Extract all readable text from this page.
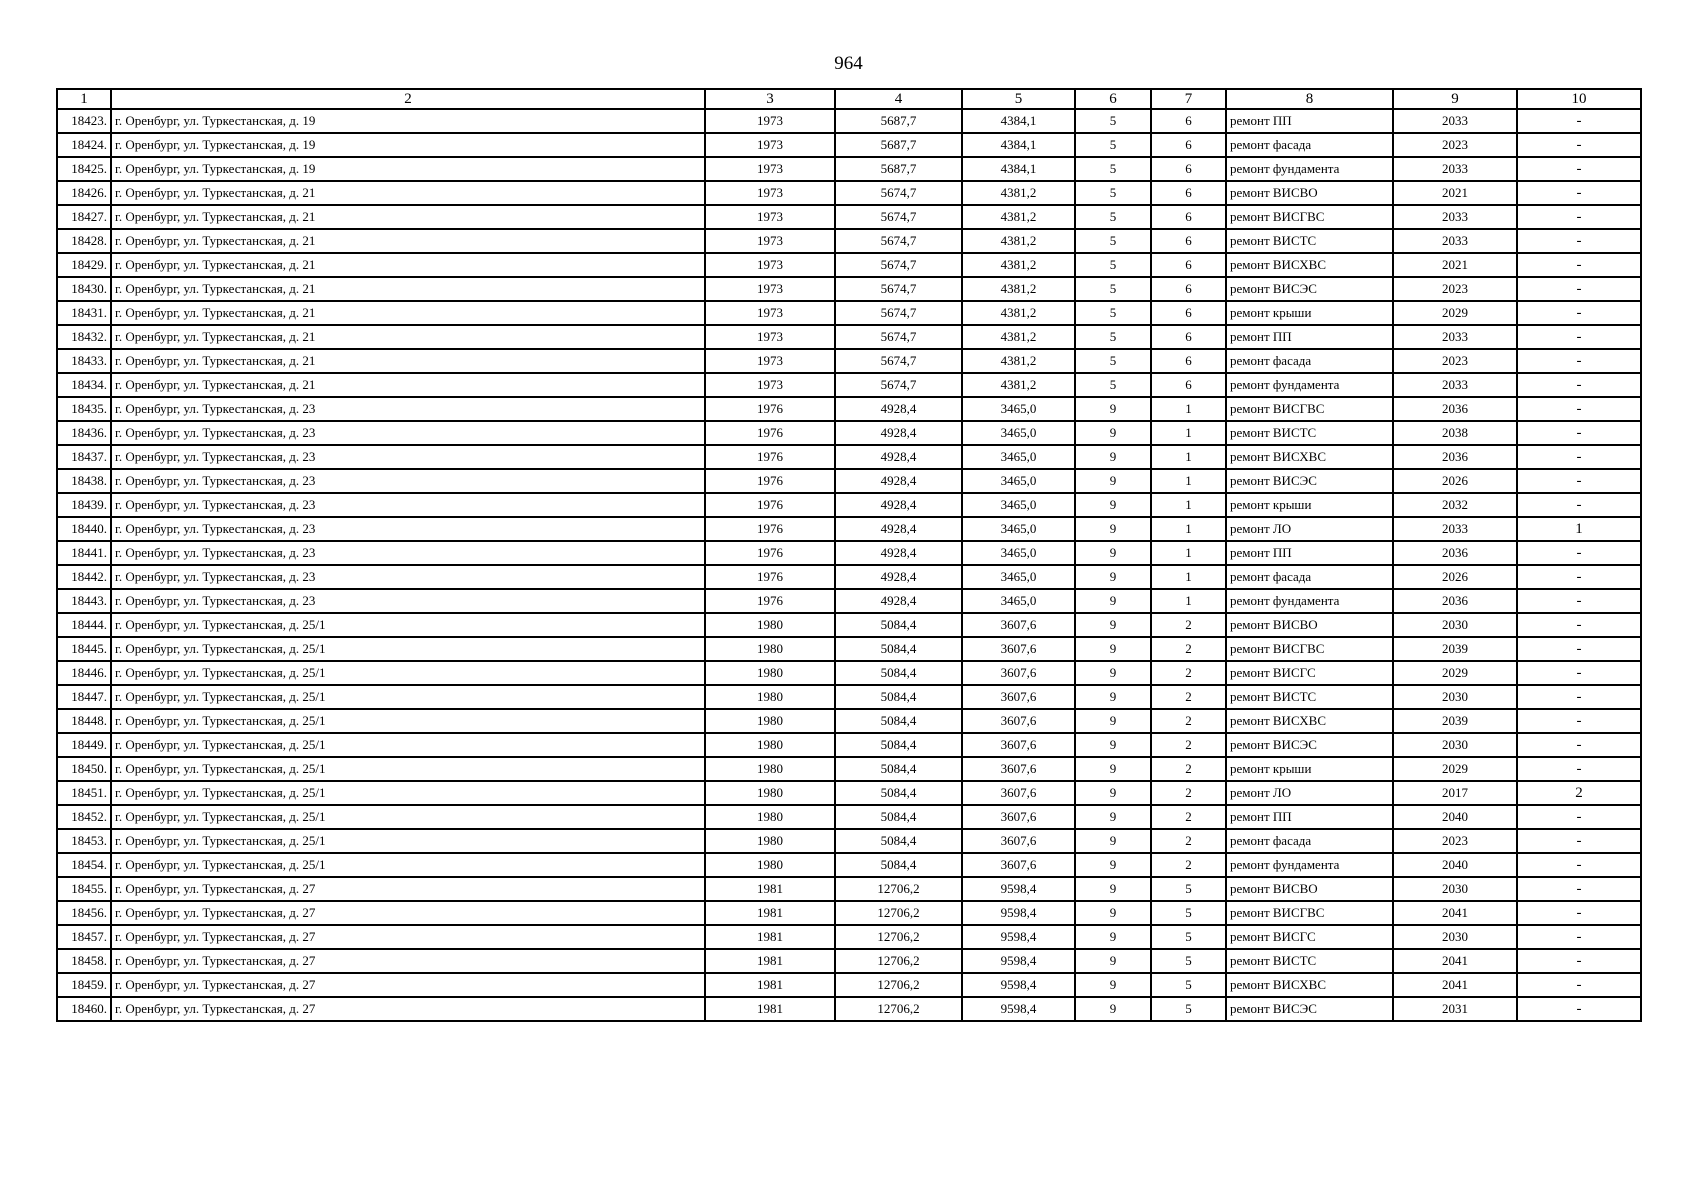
964
1	2	3	4	5	6	7	8	9	10
18423.	г. Оренбург, ул. Туркестанская, д. 19	1973	5687,7	4384,1	5	6	ремонт ПП	2033	-
18424.	г. Оренбург, ул. Туркестанская, д. 19	1973	5687,7	4384,1	5	6	ремонт фасада	2023	-
18425.	г. Оренбург, ул. Туркестанская, д. 19	1973	5687,7	4384,1	5	6	ремонт фундамента	2033	-
18426.	г. Оренбург, ул. Туркестанская, д. 21	1973	5674,7	4381,2	5	6	ремонт ВИСВО	2021	-
18427.	г. Оренбург, ул. Туркестанская, д. 21	1973	5674,7	4381,2	5	6	ремонт ВИСГВС	2033	-
18428.	г. Оренбург, ул. Туркестанская, д. 21	1973	5674,7	4381,2	5	6	ремонт ВИСТС	2033	-
18429.	г. Оренбург, ул. Туркестанская, д. 21	1973	5674,7	4381,2	5	6	ремонт ВИСХВС	2021	-
18430.	г. Оренбург, ул. Туркестанская, д. 21	1973	5674,7	4381,2	5	6	ремонт ВИСЭС	2023	-
18431.	г. Оренбург, ул. Туркестанская, д. 21	1973	5674,7	4381,2	5	6	ремонт крыши	2029	-
18432.	г. Оренбург, ул. Туркестанская, д. 21	1973	5674,7	4381,2	5	6	ремонт ПП	2033	-
18433.	г. Оренбург, ул. Туркестанская, д. 21	1973	5674,7	4381,2	5	6	ремонт фасада	2023	-
18434.	г. Оренбург, ул. Туркестанская, д. 21	1973	5674,7	4381,2	5	6	ремонт фундамента	2033	-
18435.	г. Оренбург, ул. Туркестанская, д. 23	1976	4928,4	3465,0	9	1	ремонт ВИСГВС	2036	-
18436.	г. Оренбург, ул. Туркестанская, д. 23	1976	4928,4	3465,0	9	1	ремонт ВИСТС	2038	-
18437.	г. Оренбург, ул. Туркестанская, д. 23	1976	4928,4	3465,0	9	1	ремонт ВИСХВС	2036	-
18438.	г. Оренбург, ул. Туркестанская, д. 23	1976	4928,4	3465,0	9	1	ремонт ВИСЭС	2026	-
18439.	г. Оренбург, ул. Туркестанская, д. 23	1976	4928,4	3465,0	9	1	ремонт крыши	2032	-
18440.	г. Оренбург, ул. Туркестанская, д. 23	1976	4928,4	3465,0	9	1	ремонт ЛО	2033	1
18441.	г. Оренбург, ул. Туркестанская, д. 23	1976	4928,4	3465,0	9	1	ремонт ПП	2036	-
18442.	г. Оренбург, ул. Туркестанская, д. 23	1976	4928,4	3465,0	9	1	ремонт фасада	2026	-
18443.	г. Оренбург, ул. Туркестанская, д. 23	1976	4928,4	3465,0	9	1	ремонт фундамента	2036	-
18444.	г. Оренбург, ул. Туркестанская, д. 25/1	1980	5084,4	3607,6	9	2	ремонт ВИСВО	2030	-
18445.	г. Оренбург, ул. Туркестанская, д. 25/1	1980	5084,4	3607,6	9	2	ремонт ВИСГВС	2039	-
18446.	г. Оренбург, ул. Туркестанская, д. 25/1	1980	5084,4	3607,6	9	2	ремонт ВИСГС	2029	-
18447.	г. Оренбург, ул. Туркестанская, д. 25/1	1980	5084,4	3607,6	9	2	ремонт ВИСТС	2030	-
18448.	г. Оренбург, ул. Туркестанская, д. 25/1	1980	5084,4	3607,6	9	2	ремонт ВИСХВС	2039	-
18449.	г. Оренбург, ул. Туркестанская, д. 25/1	1980	5084,4	3607,6	9	2	ремонт ВИСЭС	2030	-
18450.	г. Оренбург, ул. Туркестанская, д. 25/1	1980	5084,4	3607,6	9	2	ремонт крыши	2029	-
18451.	г. Оренбург, ул. Туркестанская, д. 25/1	1980	5084,4	3607,6	9	2	ремонт ЛО	2017	2
18452.	г. Оренбург, ул. Туркестанская, д. 25/1	1980	5084,4	3607,6	9	2	ремонт ПП	2040	-
18453.	г. Оренбург, ул. Туркестанская, д. 25/1	1980	5084,4	3607,6	9	2	ремонт фасада	2023	-
18454.	г. Оренбург, ул. Туркестанская, д. 25/1	1980	5084,4	3607,6	9	2	ремонт фундамента	2040	-
18455.	г. Оренбург, ул. Туркестанская, д. 27	1981	12706,2	9598,4	9	5	ремонт ВИСВО	2030	-
18456.	г. Оренбург, ул. Туркестанская, д. 27	1981	12706,2	9598,4	9	5	ремонт ВИСГВС	2041	-
18457.	г. Оренбург, ул. Туркестанская, д. 27	1981	12706,2	9598,4	9	5	ремонт ВИСГС	2030	-
18458.	г. Оренбург, ул. Туркестанская, д. 27	1981	12706,2	9598,4	9	5	ремонт ВИСТС	2041	-
18459.	г. Оренбург, ул. Туркестанская, д. 27	1981	12706,2	9598,4	9	5	ремонт ВИСХВС	2041	-
18460.	г. Оренбург, ул. Туркестанская, д. 27	1981	12706,2	9598,4	9	5	ремонт ВИСЭС	2031	-
